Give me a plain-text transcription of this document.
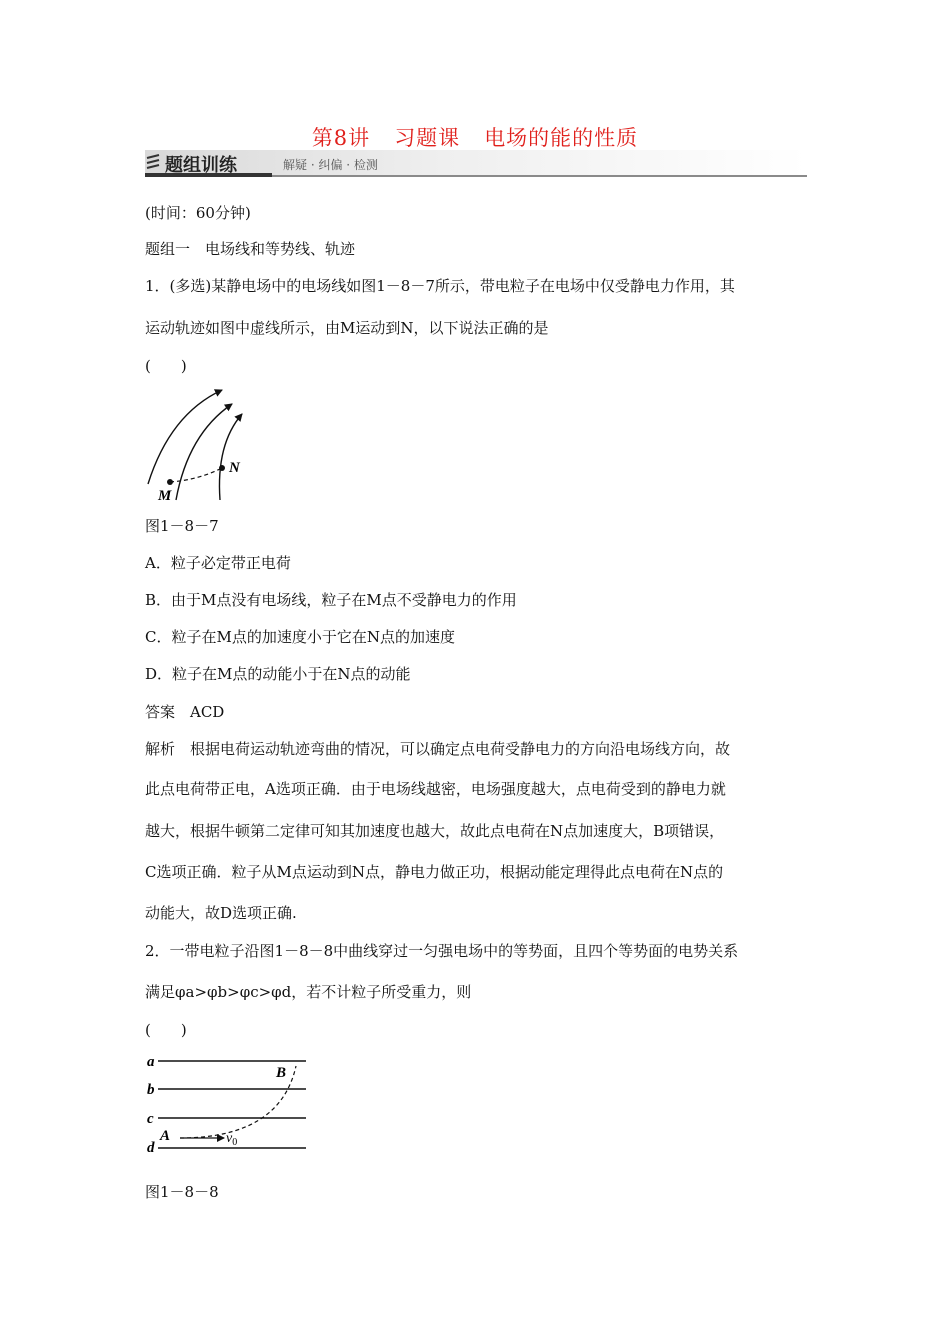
第8讲 习题课 电场的能的性质
题组训练	解疑 · 纠偏 · 检测
(时间：60分钟)
题组一　电场线和等势线、轨迹
1．(多选)某静电场中的电场线如图1－8－7所示，带电粒子在电场中仅受静电力作用，其
运动轨迹如图中虚线所示，由M运动到N，以下说法正确的是
(　　)
M
N
图1－8－7
A．粒子必定带正电荷
B．由于M点没有电场线，粒子在M点不受静电力的作用
C．粒子在M点的加速度小于它在N点的加速度
D．粒子在M点的动能小于在N点的动能
答案　ACD
解析　根据电荷运动轨迹弯曲的情况，可以确定点电荷受静电力的方向沿电场线方向，故
此点电荷带正电，A选项正确．由于电场线越密，电场强度越大，点电荷受到的静电力就
越大，根据牛顿第二定律可知其加速度也越大，故此点电荷在N点加速度大，B项错误，
C选项正确．粒子从M点运动到N点，静电力做正功，根据动能定理得此点电荷在N点的
动能大，故D选项正确.
2．一带电粒子沿图1－8－8中曲线穿过一匀强电场中的等势面，且四个等势面的电势关系
满足φa>φb>φc>φd，若不计粒子所受重力，则
(　　)
a
b
c
d
A
B
$v_0$
图1－8－8
